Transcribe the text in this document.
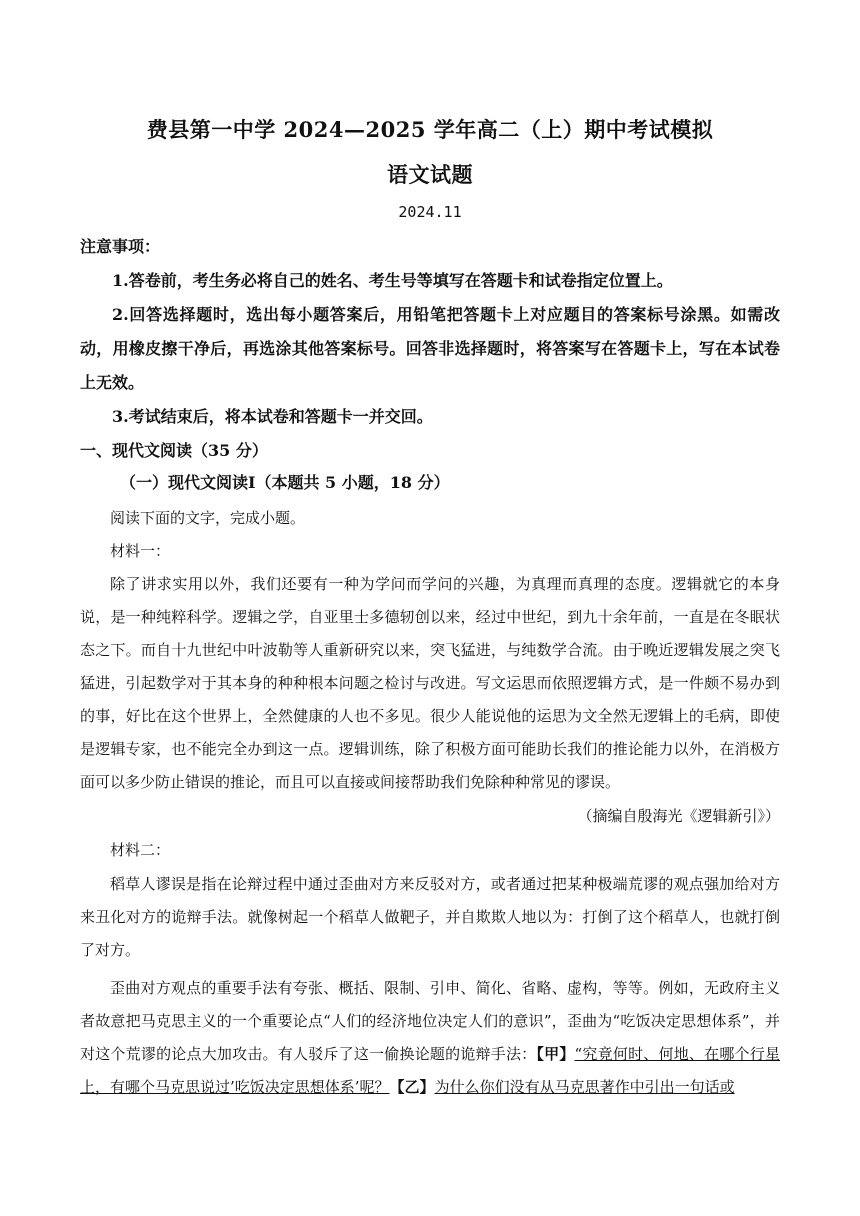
费县第一中学 2024—2025 学年高二（上）期中考试模拟
语文试题
2024.11
注意事项：
1.答卷前，考生务必将自己的姓名、考生号等填写在答题卡和试卷指定位置上。
2.回答选择题时，选出每小题答案后，用铅笔把答题卡上对应题目的答案标号涂黑。如需改动，用橡皮擦干净后，再选涂其他答案标号。回答非选择题时，将答案写在答题卡上，写在本试卷上无效。
3.考试结束后，将本试卷和答题卡一并交回。
一、现代文阅读（35 分）
（一）现代文阅读Ⅰ（本题共 5 小题，18 分）
阅读下面的文字，完成小题。
材料一：
除了讲求实用以外，我们还要有一种为学问而学问的兴趣，为真理而真理的态度。逻辑就它的本身说，是一种纯粹科学。逻辑之学，自亚里士多德轫创以来，经过中世纪，到九十余年前，一直是在冬眠状态之下。而自十九世纪中叶波勒等人重新研究以来，突飞猛进，与纯数学合流。由于晚近逻辑发展之突飞猛进，引起数学对于其本身的种种根本问题之检讨与改进。写文运思而依照逻辑方式，是一件颇不易办到的事，好比在这个世界上，全然健康的人也不多见。很少人能说他的运思为文全然无逻辑上的毛病，即使是逻辑专家，也不能完全办到这一点。逻辑训练，除了积极方面可能助长我们的推论能力以外，在消极方面可以多少防止错误的推论，而且可以直接或间接帮助我们免除种种常见的谬误。
（摘编自殷海光《逻辑新引》）
材料二：
稻草人谬误是指在论辩过程中通过歪曲对方来反驳对方，或者通过把某种极端荒谬的观点强加给对方来丑化对方的诡辩手法。就像树起一个稻草人做靶子，并自欺欺人地以为：打倒了这个稻草人，也就打倒了对方。
歪曲对方观点的重要手法有夸张、概括、限制、引申、简化、省略、虚构，等等。例如，无政府主义者故意把马克思主义的一个重要论点“人们的经济地位决定人们的意识”，歪曲为“吃饭决定思想体系”，并对这个荒谬的论点大加攻击。有人驳斥了这一偷换论题的诡辩手法：【甲】“究竟何时、何地、在哪个行星上，有哪个马克思说过’吃饭决定思想体系’呢？【乙】为什么你们没有从马克思著作中引出一句话或
